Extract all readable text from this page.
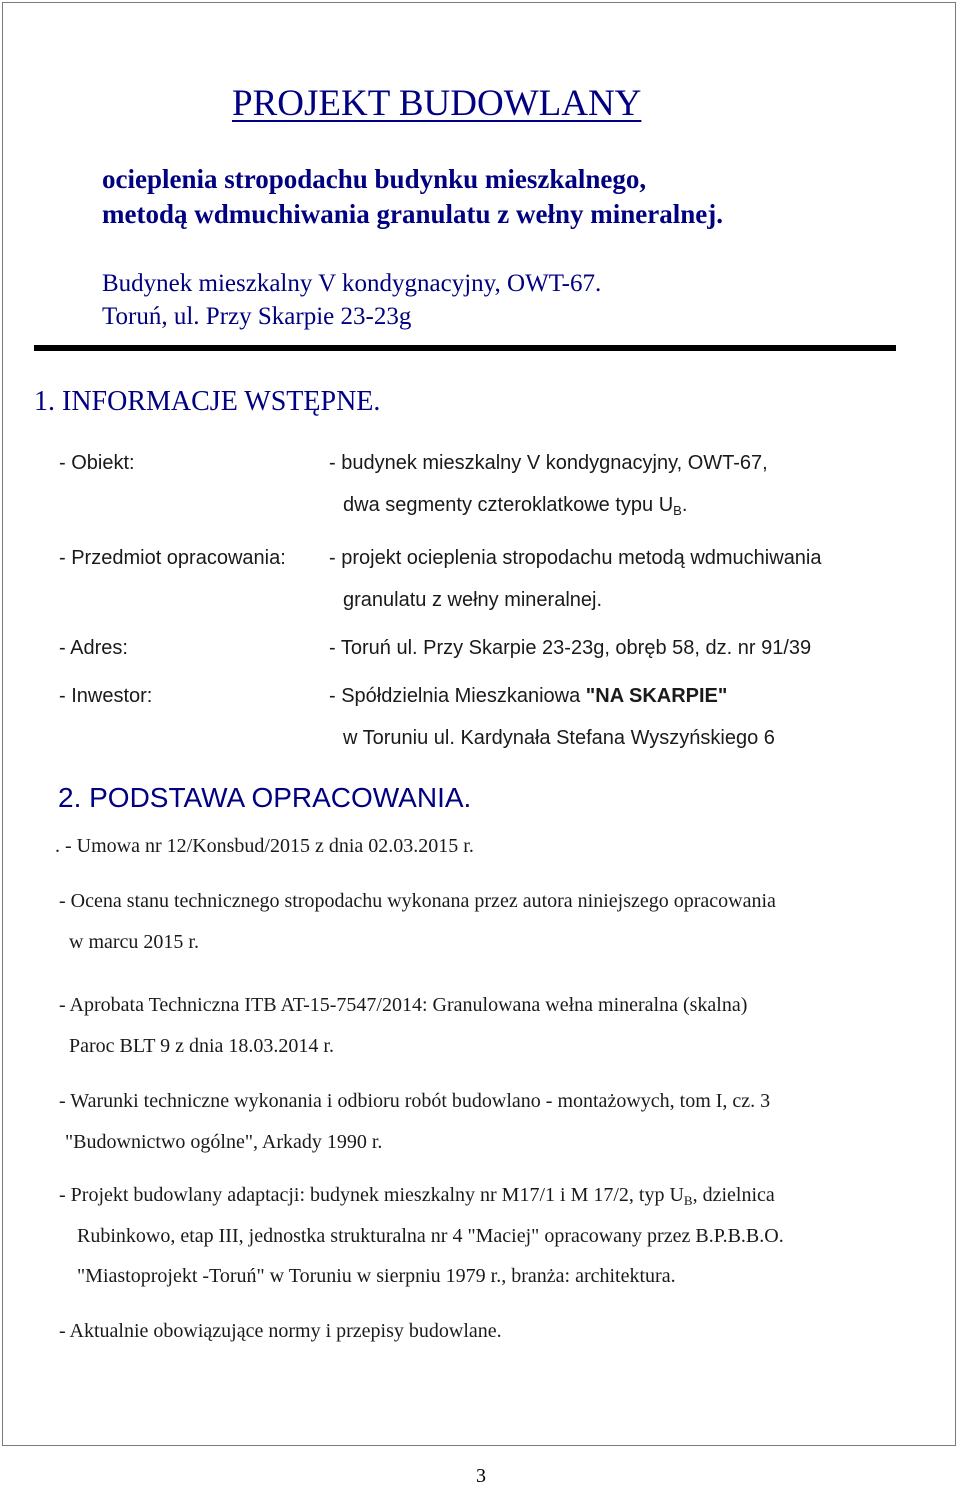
PROJEKT BUDOWLANY
ocieplenia stropodachu budynku mieszkalnego,
metodą wdmuchiwania granulatu z wełny mineralnej.
Budynek mieszkalny V kondygnacyjny, OWT-67.
Toruń, ul. Przy Skarpie 23-23g
1. INFORMACJE WSTĘPNE.
- Obiekt:	- budynek mieszkalny V kondygnacyjny, OWT-67,
dwa segmenty czteroklatkowe typu $U_B$.
- Przedmiot opracowania: - projekt ocieplenia stropodachu metodą wdmuchiwania
granulatu z wełny mineralnej.
- Adres:	- Toruń ul. Przy Skarpie 23-23g, obręb 58, dz. nr 91/39
- Inwestor:	- Spółdzielnia Mieszkaniowa "NA SKARPIE"
w Toruniu ul. Kardynała Stefana Wyszyńskiego 6
2. PODSTAWA OPRACOWANIA.
. - Umowa nr 12/Konsbud/2015 z dnia 02.03.2015 r.
- Ocena stanu technicznego stropodachu wykonana przez autora niniejszego opracowania
w marcu 2015 r.
- Aprobata Techniczna ITB AT-15-7547/2014: Granulowana wełna mineralna (skalna)
Paroc BLT 9 z dnia 18.03.2014 r.
- Warunki techniczne wykonania i odbioru robót budowlano - montażowych, tom I, cz. 3
"Budownictwo ogólne", Arkady 1990 r.
- Projekt budowlany adaptacji: budynek mieszkalny nr M17/1 i M 17/2, typ $U_B$, dzielnica
Rubinkowo, etap III, jednostka strukturalna nr 4 "Maciej" opracowany przez B.P.B.B.O.
"Miastoprojekt -Toruń" w Toruniu w sierpniu 1979 r., branża: architektura.
- Aktualnie obowiązujące normy i przepisy budowlane.
3
